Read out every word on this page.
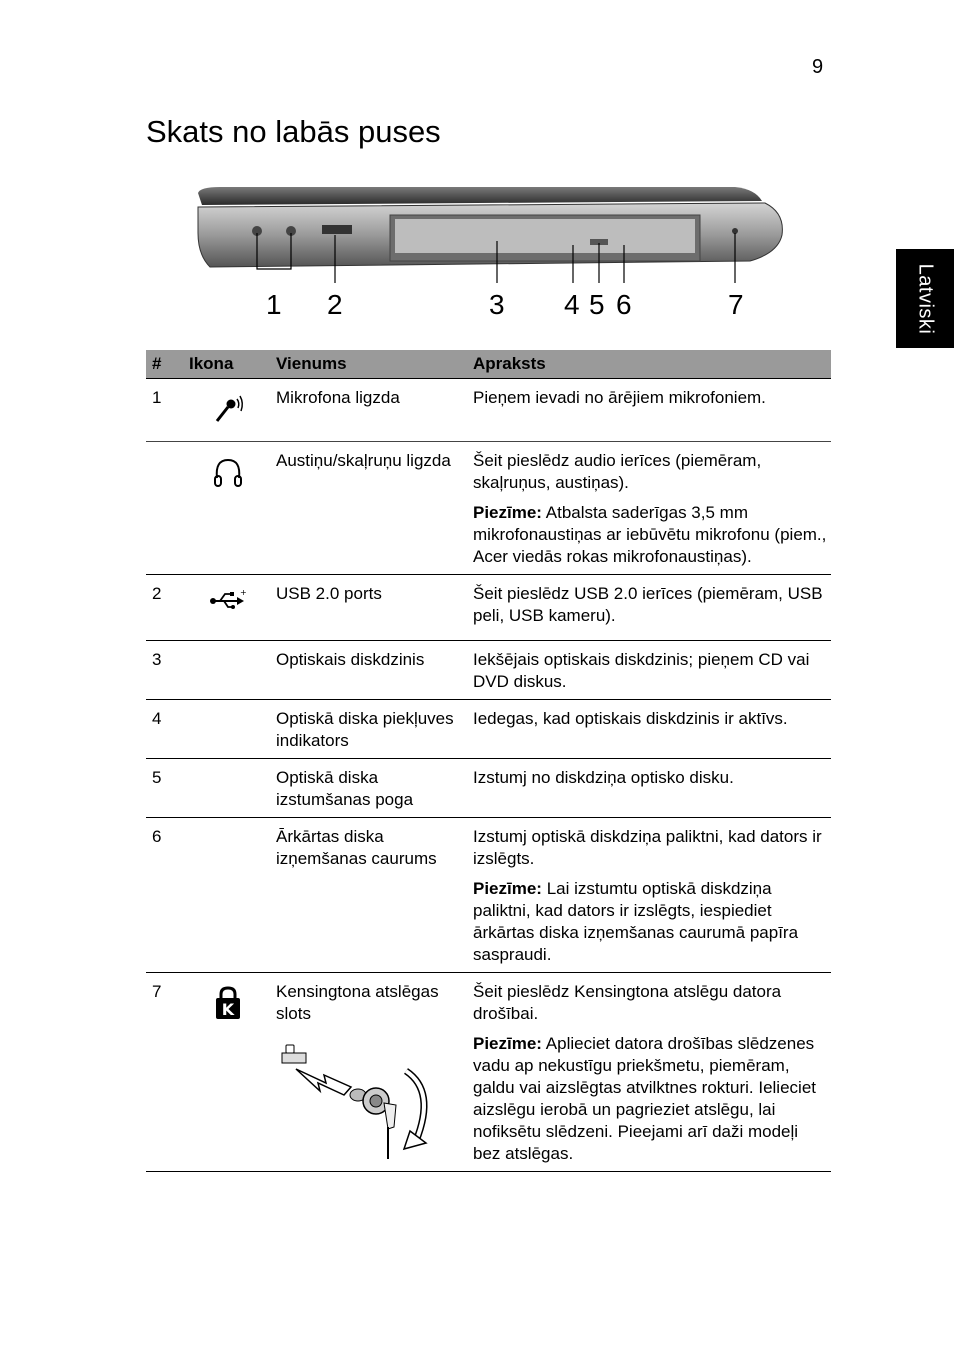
9
Skats no labās puses
Latviski
1 2	3 4 5 6	7
#	Ikona	Vienums	Apraksts
1		Mikrofona ligzda	Pieņem ievadi no ārējiem mikrofoniem.
		Austiņu/skaļruņu ligzda	Šeit pieslēdz audio ierīces (piemēram, skaļruņus, austiņas).
Piezīme: Atbalsta saderīgas 3,5 mm mikrofonaustiņas ar iebūvētu mikrofonu (piem., Acer viedās rokas mikrofonaustiņas).

2	+	USB 2.0 ports	Šeit pieslēdz USB 2.0 ierīces (piemēram, USB peli, USB kameru).
3		Optiskais diskdzinis	Iekšējais optiskais diskdzinis; pieņem CD vai DVD diskus.
4		Optiskā diska piekļuves indikators	Iedegas, kad optiskais diskdzinis ir aktīvs.
5		Optiskā diska izstumšanas poga	Izstumj no diskdziņa optisko disku.
6		Ārkārtas diska izņemšanas caurums	Izstumj optiskā diskdziņa paliktni, kad dators ir izslēgts.
Piezīme: Lai izstumtu optiskā diskdziņa paliktni, kad dators ir izslēgts, iespiediet ārkārtas diska izņemšanas caurumā papīra saspraudi.

7	K	Kensingtona atslēgas slots	Šeit pieslēdz Kensingtona atslēgu datora drošībai.
Piezīme: Aplieciet datora drošības slēdzenes vadu ap nekustīgu priekšmetu, piemēram, galdu vai aizslēgtas atvilktnes rokturi. Ielieciet aizslēgu ierobā un pagrieziet atslēgu, lai nofiksētu slēdzeni. Pieejami arī daži modeļi bez atslēgas.
